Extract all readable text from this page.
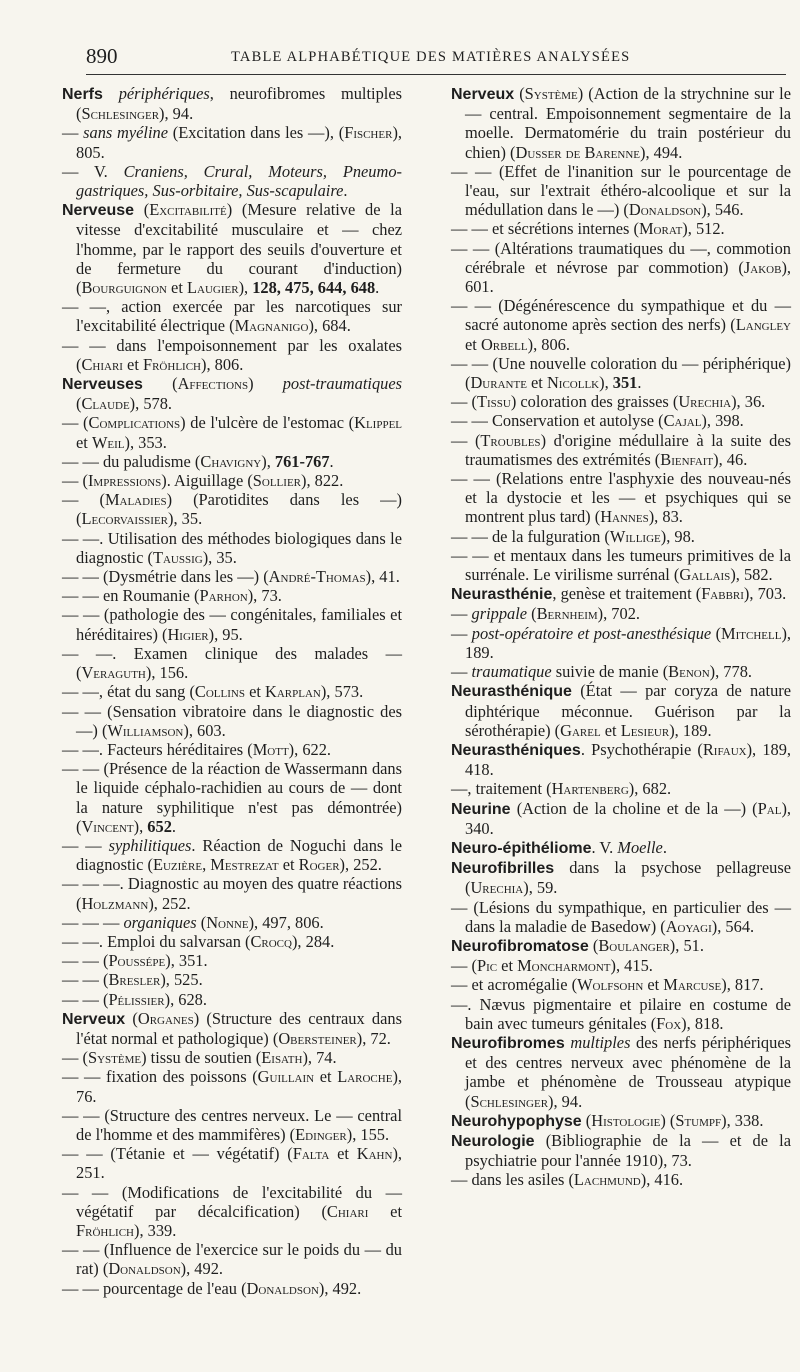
890	TABLE ALPHABÉTIQUE DES MATIÈRES ANALYSÉES

Nerfs périphériques, neurofibromes multiples (Schlesinger), 94.

— sans myéline (Excitation dans les —), (Fischer), 805.

— V. Craniens, Crural, Moteurs, Pneumo-gastriques, Sus-orbitaire, Sus-scapulaire.

Nerveuse (Excitabilité) (Mesure relative de la vitesse d'excitabilité musculaire et — chez l'homme, par le rapport des seuils d'ouverture et de fermeture du courant d'induction) (Bourguignon et Laugier), 128, 475, 644, 648.

— —, action exercée par les narcotiques sur l'excitabilité électrique (Magnanigo), 684.

— — dans l'empoisonnement par les oxalates (Chiari et Fröhlich), 806.

Nerveuses (Affections) post-traumatiques (Claude), 578.

— (Complications) de l'ulcère de l'estomac (Klippel et Weil), 353.

— — du paludisme (Chavigny), 761-767.

— (Impressions). Aiguillage (Sollier), 822.

— (Maladies) (Parotidites dans les —) (Lecorvaissier), 35.

— —. Utilisation des méthodes biologiques dans le diagnostic (Taussig), 35.

— — (Dysmétrie dans les —) (André-Thomas), 41.

— — en Roumanie (Parhon), 73.

— — (pathologie des — congénitales, familiales et héréditaires) (Higier), 95.

— —. Examen clinique des malades — (Veraguth), 156.

— —, état du sang (Collins et Karplan), 573.

— — (Sensation vibratoire dans le diagnostic des —) (Williamson), 603.

— —. Facteurs héréditaires (Mott), 622.

— — (Présence de la réaction de Wassermann dans le liquide céphalo-rachidien au cours de — dont la nature syphilitique n'est pas démontrée) (Vincent), 652.

— — syphilitiques. Réaction de Noguchi dans le diagnostic (Euzière, Mestrezat et Roger), 252.

— — —. Diagnostic au moyen des quatre réactions (Holzmann), 252.

— — — organiques (Nonne), 497, 806.

— —. Emploi du salvarsan (Crocq), 284.

— — (Poussépe), 351.

— — (Bresler), 525.

— — (Pélissier), 628.

Nerveux (Organes) (Structure des centraux dans l'état normal et pathologique) (Obersteiner), 72.

— (Système) tissu de soutien (Eisath), 74.

— — fixation des poissons (Guillain et Laroche), 76.

— — (Structure des centres nerveux. Le — central de l'homme et des mammifères) (Edinger), 155.

— — (Tétanie et — végétatif) (Falta et Kahn), 251.

— — (Modifications de l'excitabilité du — végétatif par décalcification) (Chiari et Fröhlich), 339.

— — (Influence de l'exercice sur le poids du — du rat) (Donaldson), 492.

— — pourcentage de l'eau (Donaldson), 492.

Nerveux (Système) (Action de la strychnine sur le — central. Empoisonnement segmentaire de la moelle. Dermatomérie du train postérieur du chien) (Dusser de Barenne), 494.

— — (Effet de l'inanition sur le pourcentage de l'eau, sur l'extrait éthéro-alcoolique et sur la médullation dans le —) (Donaldson), 546.

— — et sécrétions internes (Morat), 512.

— — (Altérations traumatiques du —, commotion cérébrale et névrose par commotion) (Jakob), 601.

— — (Dégénérescence du sympathique et du — sacré autonome après section des nerfs) (Langley et Orbell), 806.

— — (Une nouvelle coloration du — périphérique) (Durante et Nicollk), 351.

— (Tissu) coloration des graisses (Urechia), 36.

— — Conservation et autolyse (Cajal), 398.

— (Troubles) d'origine médullaire à la suite des traumatismes des extrémités (Bienfait), 46.

— — (Relations entre l'asphyxie des nouveau-nés et la dystocie et les — et psychiques qui se montrent plus tard) (Hannes), 83.

— — de la fulguration (Willige), 98.

— — et mentaux dans les tumeurs primitives de la surrénale. Le virilisme surrénal (Gallais), 582.

Neurasthénie, genèse et traitement (Fabbri), 703.

— grippale (Bernheim), 702.

— post-opératoire et post-anesthésique (Mitchell), 189.

— traumatique suivie de manie (Benon), 778.

Neurasthénique (État — par coryza de nature diphtérique méconnue. Guérison par la sérothérapie) (Garel et Lesieur), 189.

Neurasthéniques. Psychothérapie (Rifaux), 189, 418.

—, traitement (Hartenberg), 682.

Neurine (Action de la choline et de la —) (Pal), 340.

Neuro-épithéliome. V. Moelle.

Neurofibrilles dans la psychose pellagreuse (Urechia), 59.

— (Lésions du sympathique, en particulier des — dans la maladie de Basedow) (Aoyagi), 564.

Neurofibromatose (Boulanger), 51.

— (Pic et Moncharmont), 415.

— et acromégalie (Wolfsohn et Marcuse), 817.

—. Nævus pigmentaire et pilaire en costume de bain avec tumeurs génitales (Fox), 818.

Neurofibromes multiples des nerfs périphériques et des centres nerveux avec phénomène de la jambe et phénomène de Trousseau atypique (Schlesinger), 94.

Neurohypophyse (Histologie) (Stumpf), 338.

Neurologie (Bibliographie de la — et de la psychiatrie pour l'année 1910), 73.

— dans les asiles (Lachmund), 416.
